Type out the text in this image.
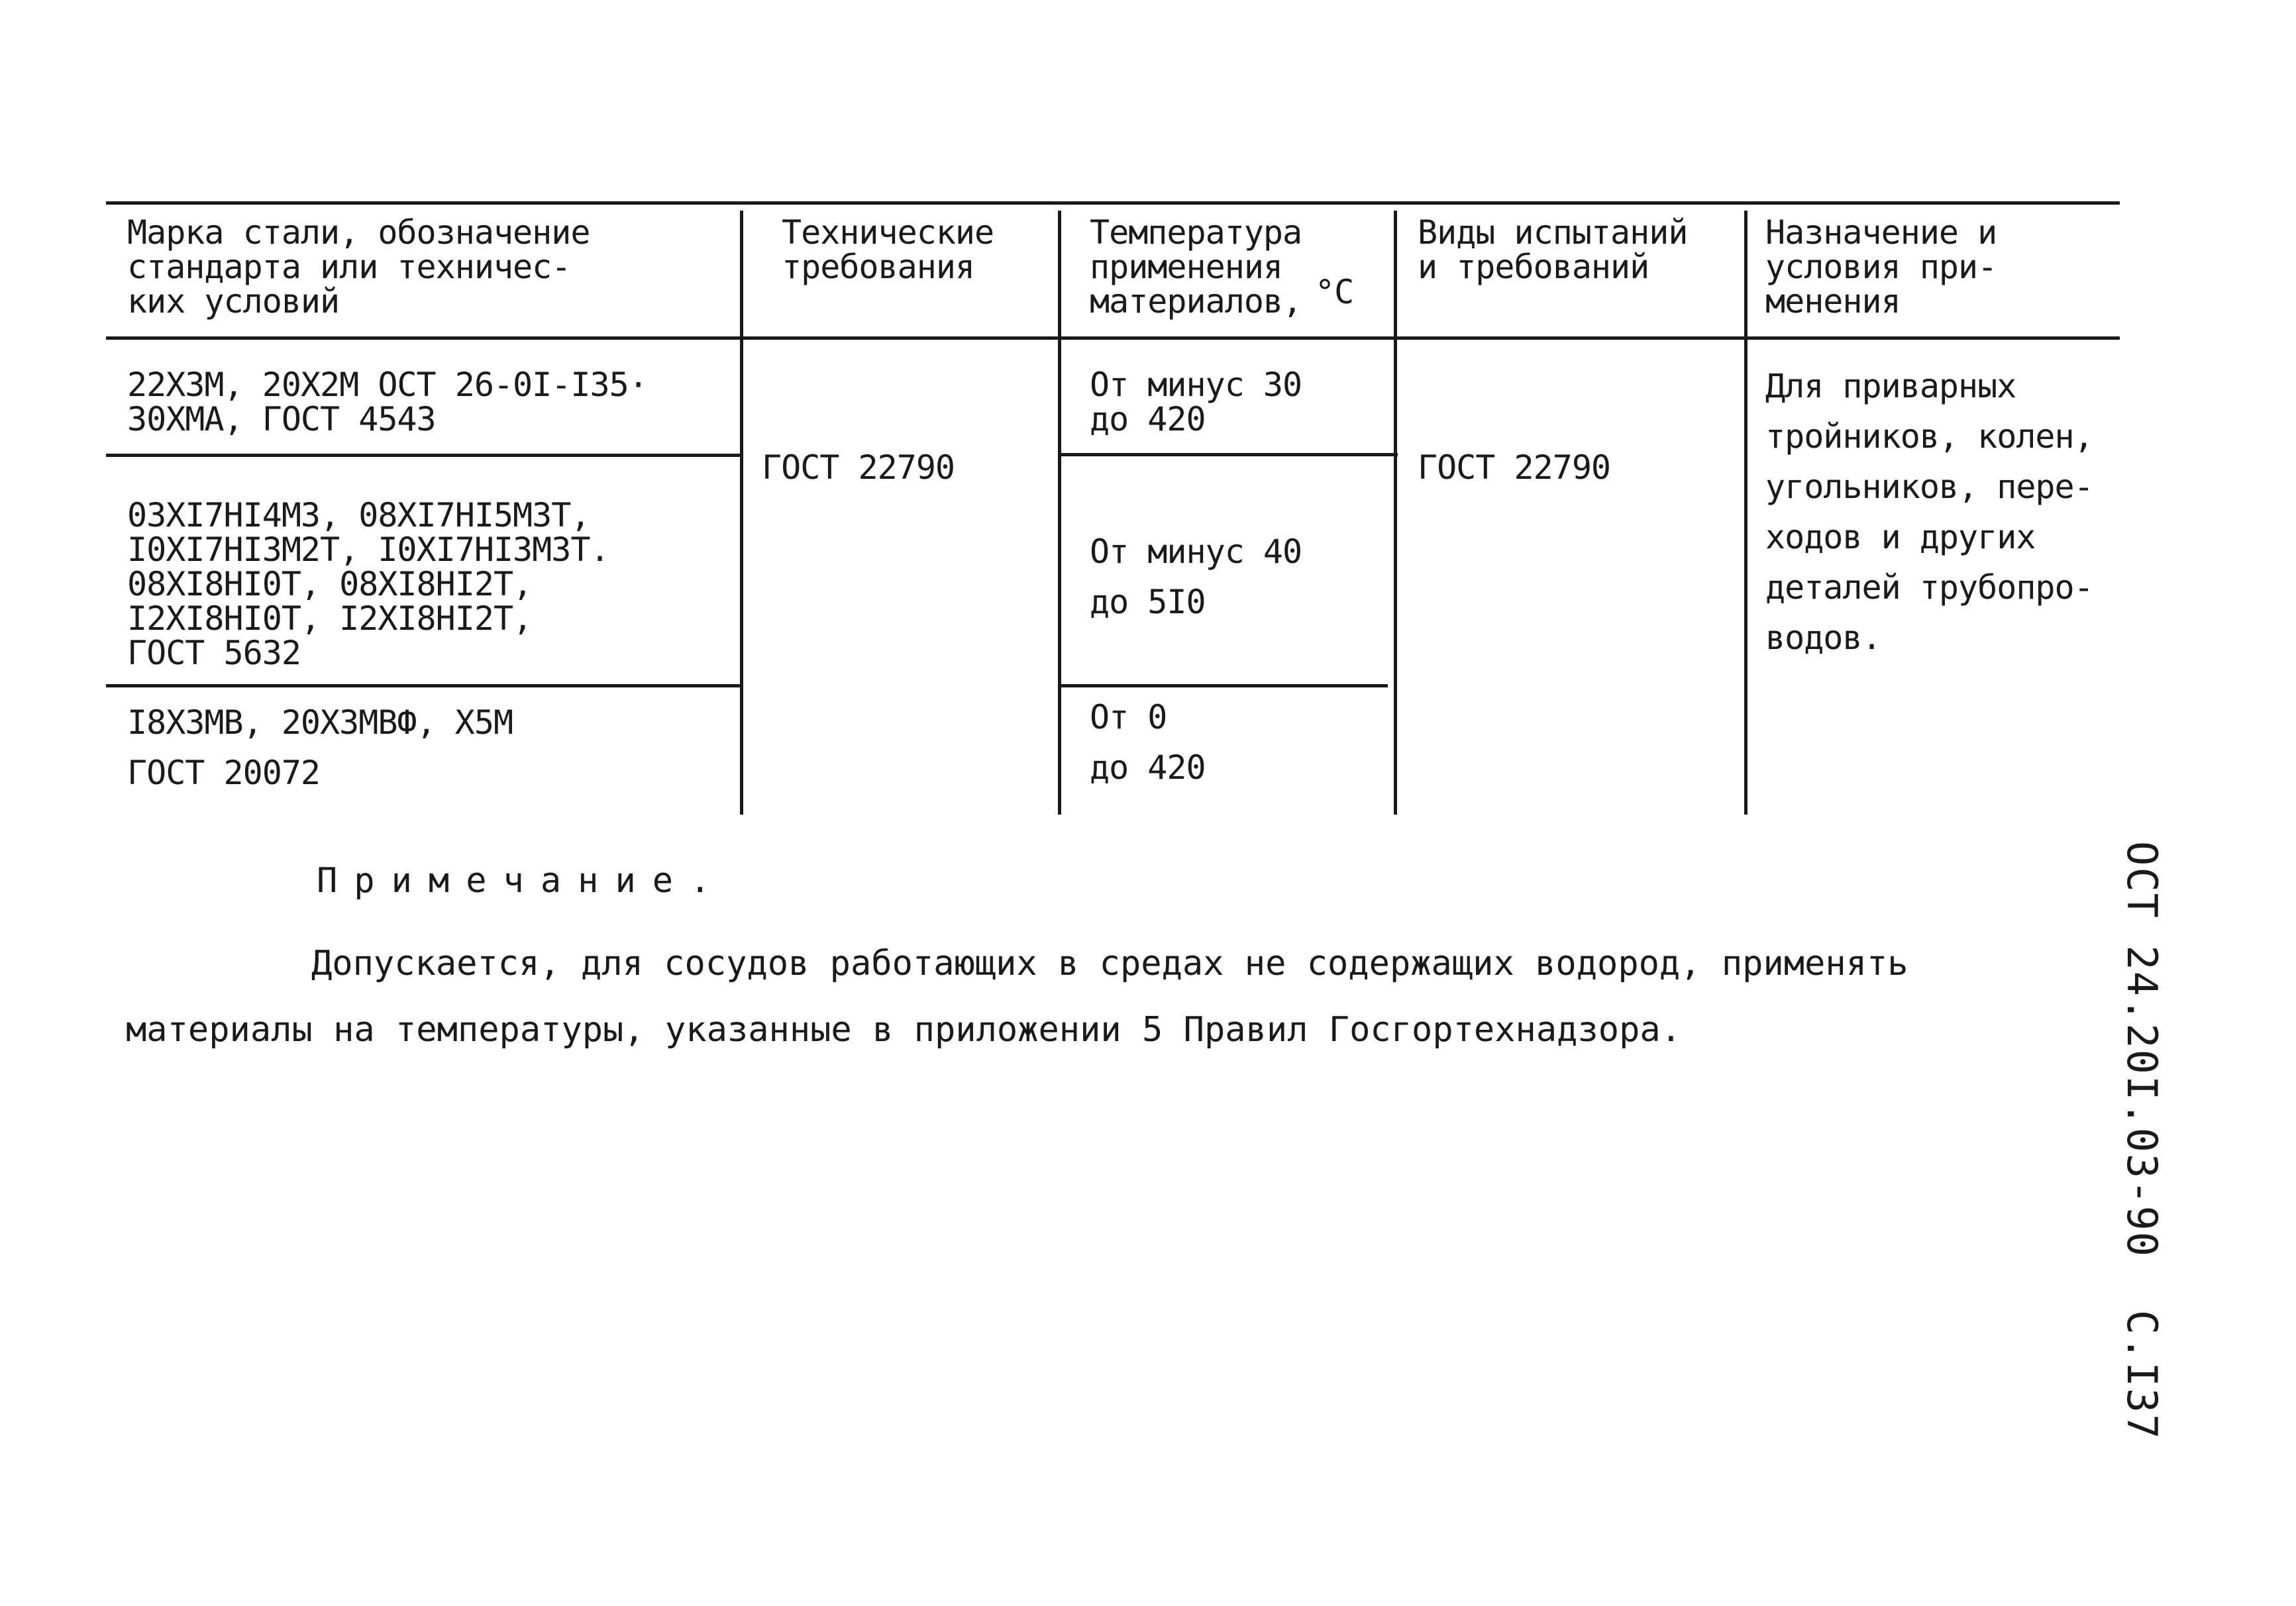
Марка стали, обозначение
стандарта или техничес-
ких условий
Технические
требования
Температура
применения
материалов, °C
Виды испытаний
и требований
Назначение и
условия при-
менения
22Х3М, 20Х2М ОСТ 26-0I-I35·
30ХМА, ГОСТ 4543
03ХI7НI4М3, 08ХI7НI5М3Т,
I0ХI7НI3М2Т, I0ХI7НI3М3Т.
08ХI8НI0Т, 08ХI8НI2Т,
I2ХI8НI0Т, I2ХI8НI2Т,
ГОСТ 5632
I8Х3МВ, 20Х3МВФ, Х5М
ГОСТ 20072
ГОСТ 22790
От минус 30
до 420
От минус 40
до 5I0
От 0
до 420
ГОСТ 22790
Для приварных
тройников, колен,
угольников, пере-
ходов и других
деталей трубопро-
водов.
Примечание.
Допускается, для сосудов работающих в средах не содержащих водород, применять
материалы на температуры, указанные в приложении 5 Правил Госгортехнадзора.	ОСТ 24.20I.03-90  С.I37
